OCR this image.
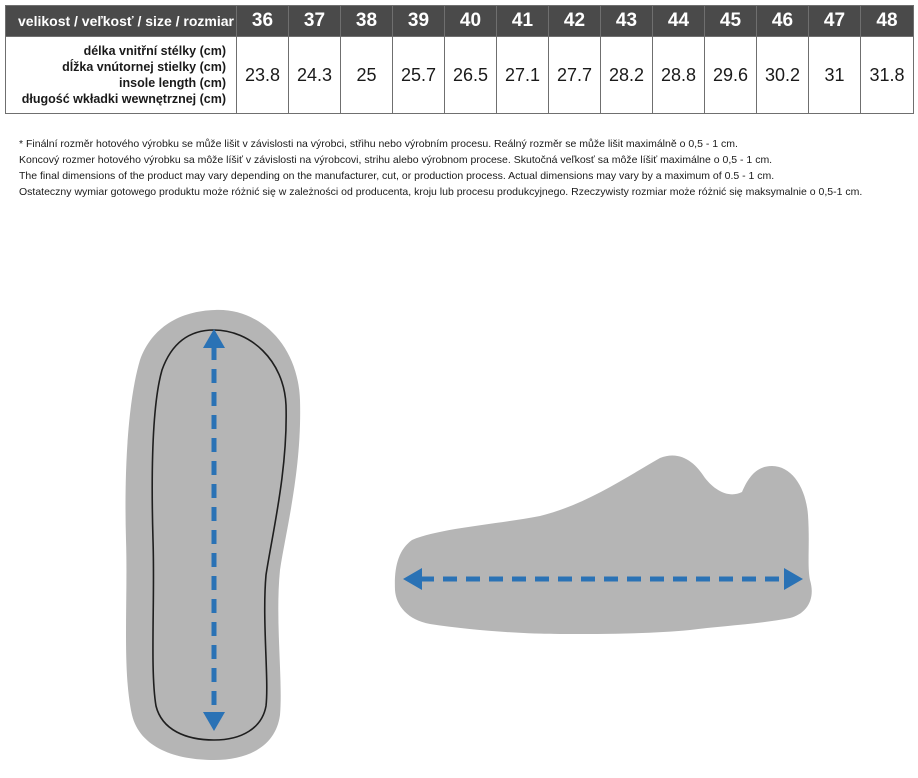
velikost / veľkosť / size / rozmiar	36	37	38	39	40	41	42	43	44	45	46	47	48

délka vnitřní stélky (cm)
dĺžka vnútornej stielky (cm)
insole length (cm)
długość wkładki wewnętrznej (cm)	23.8	24.3	25	25.7	26.5	27.1	27.7	28.2	28.8	29.6	30.2	31	31.8
* Finální rozměr hotového výrobku se může lišit v závislosti na výrobci, střihu nebo výrobním procesu. Reálný rozměr se může lišit maximálně o 0,5 - 1 cm.
Koncový rozmer hotového výrobku sa môže líšiť v závislosti na výrobcovi, strihu alebo výrobnom procese. Skutočná veľkosť sa môže líšiť maximálne o 0,5 - 1 cm.
The final dimensions of the product may vary depending on the manufacturer, cut, or production process. Actual dimensions may vary by a maximum of 0.5 - 1 cm.
Ostateczny wymiar gotowego produktu może różnić się w zależności od producenta, kroju lub procesu produkcyjnego. Rzeczywisty rozmiar może różnić się maksymalnie o 0,5-1 cm.
